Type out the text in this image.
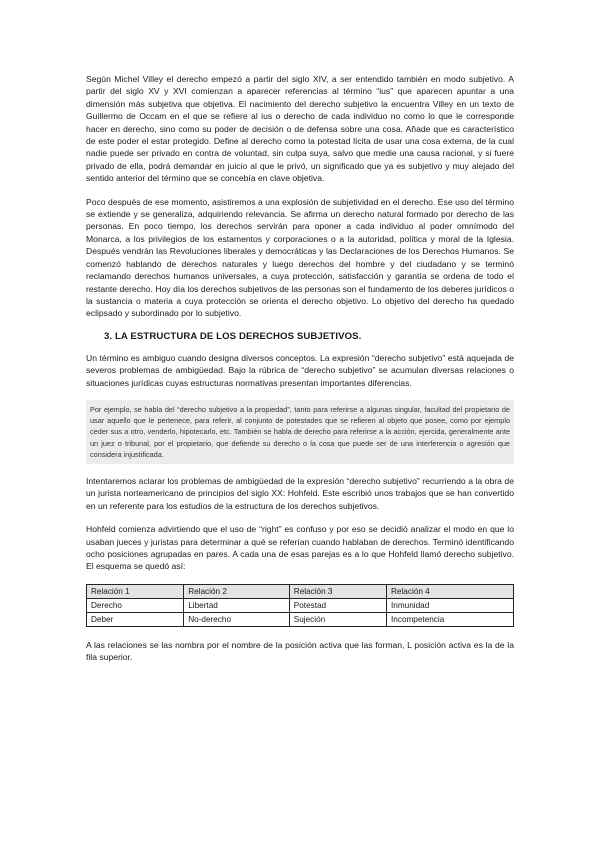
Según Michel Villey el derecho empezó a partir del siglo XIV, a ser entendido también en modo subjetivo. A partir del siglo XV y XVI comienzan a aparecer referencias al término “ius” que aparecen apuntar a una dimensión más subjetiva que objetiva. El nacimiento del derecho subjetivo la encuentra Villey en un texto de Guillermo de Occam en el que se refiere al ius o derecho de cada individuo no como lo que le corresponde hacer en derecho, sino como su poder de decisión o de defensa sobre una cosa. Añade que es característico de este poder el estar protegido. Define al derecho como la potestad lícita de usar una cosa externa, de la cual nadie puede ser privado en contra de voluntad, sin culpa suya, salvo que medie una causa racional, y si fuere privado de ella, podrá demandar en juicio al que le privó, un significado que ya es subjetivo y muy alejado del sentido anterior del término que se concebía en clave objetiva.

Poco después de ese momento, asistiremos a una explosión de subjetividad en el derecho. Ese uso del término se extiende y se generaliza, adquiriendo relevancia. Se afirma un derecho natural formado por derecho de las personas. En poco tiempo, los derechos servirán para oponer a cada individuo al poder omnímodo del Monarca, a los privilegios de los estamentos y corporaciones o a la autoridad, política y moral de la Iglesia. Después vendrán las Revoluciones liberales y democráticas y las Declaraciones de los Derechos Humanos. Se comenzó hablando de derechos naturales y luego derechos del hombre y del ciudadano y se terminó reclamando derechos humanos universales, a cuya protección, satisfacción y garantía se ordena de todo el restante derecho. Hoy día los derechos subjetivos de las personas son el fundamento de los deberes jurídicos o la sustancia o materia a cuya protección se orienta el derecho objetivo. Lo objetivo del derecho ha quedado eclipsado y subordinado por lo subjetivo.

3. LA ESTRUCTURA DE LOS DERECHOS SUBJETIVOS.

Un término es ambiguo cuando designa diversos conceptos. La expresión “derecho subjetivo” está aquejada de severos problemas de ambigüedad. Bajo la rúbrica de “derecho subjetivo” se acumulan diversas relaciones o situaciones jurídicas cuyas estructuras normativas presentan importantes diferencias.

Por ejemplo, se habla del “derecho subjetivo a la propiedad”, tanto para referirse a algunas singular, facultad del propietario de usar aquello que le pertenece, para referir, al conjunto de potestades que se refieren al objeto que posee, como por ejemplo ceder sus a otro, venderlo, hipotecarlo, etc. También se habla de derecho para referirse a la acción, ejercida, generalmente ante un juez o tribunal, por el propietario, que defiende su derecho o la cosa que puede ser de una interferencia o agresión que considera injustificada.

Intentaremos aclarar los problemas de ambigüedad de la expresión “derecho subjetivo” recurriendo a la obra de un jurista norteamericano de principios del siglo XX: Hohfeld. Este escribió unos trabajos que se han convertido en un referente para los estudios de la estructura de los derechos subjetivos.

Hohfeld comienza advirtiendo que el uso de “right” es confuso y por eso se decidió analizar el modo en que lo usaban jueces y juristas para determinar a qué se referían cuando hablaban de derechos. Terminó identificando ocho posiciones agrupadas en pares. A cada una de esas parejas es a lo que Hohfeld llamó derecho subjetivo. El esquema se quedó así:

Relación 1	Relación 2	Relación 3	Relación 4
Derecho	Libertad	Potestad	Inmunidad
Deber	No-derecho	Sujeción	Incompetencia

A las relaciones se las nombra por el nombre de la posición activa que las forman, L posición activa es la de la fila superior.
